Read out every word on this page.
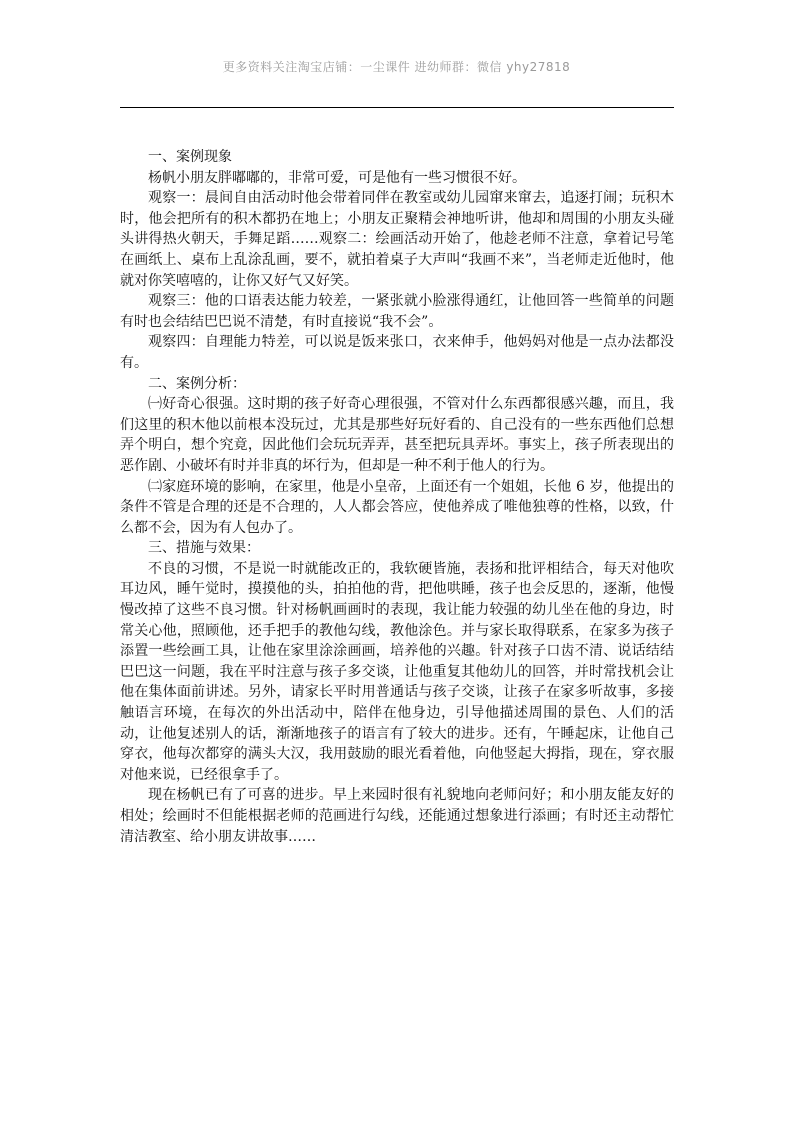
更多资料关注淘宝店铺：一尘课件 进幼师群：微信 yhy27818

一、案例现象

杨帆小朋友胖嘟嘟的，非常可爱，可是他有一些习惯很不好。

观察一：晨间自由活动时他会带着同伴在教室或幼儿园窜来窜去，追逐打闹；玩积木时，他会把所有的积木都扔在地上；小朋友正聚精会神地听讲，他却和周围的小朋友头碰头讲得热火朝天，手舞足蹈……观察二：绘画活动开始了，他趁老师不注意，拿着记号笔在画纸上、桌布上乱涂乱画，要不，就拍着桌子大声叫“我画不来”，当老师走近他时，他就对你笑嘻嘻的，让你又好气又好笑。

观察三：他的口语表达能力较差，一紧张就小脸涨得通红，让他回答一些简单的问题有时也会结结巴巴说不清楚，有时直接说“我不会”。

观察四：自理能力特差，可以说是饭来张口，衣来伸手，他妈妈对他是一点办法都没有。

二、案例分析：

㈠好奇心很强。这时期的孩子好奇心理很强，不管对什么东西都很感兴趣，而且，我们这里的积木他以前根本没玩过，尤其是那些好玩好看的、自己没有的一些东西他们总想弄个明白，想个究竟，因此他们会玩玩弄弄，甚至把玩具弄坏。事实上，孩子所表现出的恶作剧、小破坏有时并非真的坏行为，但却是一种不利于他人的行为。

㈡家庭环境的影响，在家里，他是小皇帝，上面还有一个姐姐，长他 6 岁，他提出的条件不管是合理的还是不合理的，人人都会答应，使他养成了唯他独尊的性格，以致，什么都不会，因为有人包办了。

三、措施与效果：

不良的习惯，不是说一时就能改正的，我软硬皆施，表扬和批评相结合，每天对他吹耳边风，睡午觉时，摸摸他的头，拍拍他的背，把他哄睡，孩子也会反思的，逐渐，他慢慢改掉了这些不良习惯。针对杨帆画画时的表现，我让能力较强的幼儿坐在他的身边，时常关心他，照顾他，还手把手的教他勾线，教他涂色。并与家长取得联系，在家多为孩子添置一些绘画工具，让他在家里涂涂画画，培养他的兴趣。针对孩子口齿不清、说话结结巴巴这一问题，我在平时注意与孩子多交谈，让他重复其他幼儿的回答，并时常找机会让他在集体面前讲述。另外，请家长平时用普通话与孩子交谈，让孩子在家多听故事，多接触语言环境，在每次的外出活动中，陪伴在他身边，引导他描述周围的景色、人们的活动，让他复述别人的话，渐渐地孩子的语言有了较大的进步。还有，午睡起床，让他自己穿衣，他每次都穿的满头大汉，我用鼓励的眼光看着他，向他竖起大拇指，现在，穿衣服对他来说，已经很拿手了。

现在杨帆已有了可喜的进步。早上来园时很有礼貌地向老师问好；和小朋友能友好的相处；绘画时不但能根据老师的范画进行勾线，还能通过想象进行添画；有时还主动帮忙清洁教室、给小朋友讲故事……
